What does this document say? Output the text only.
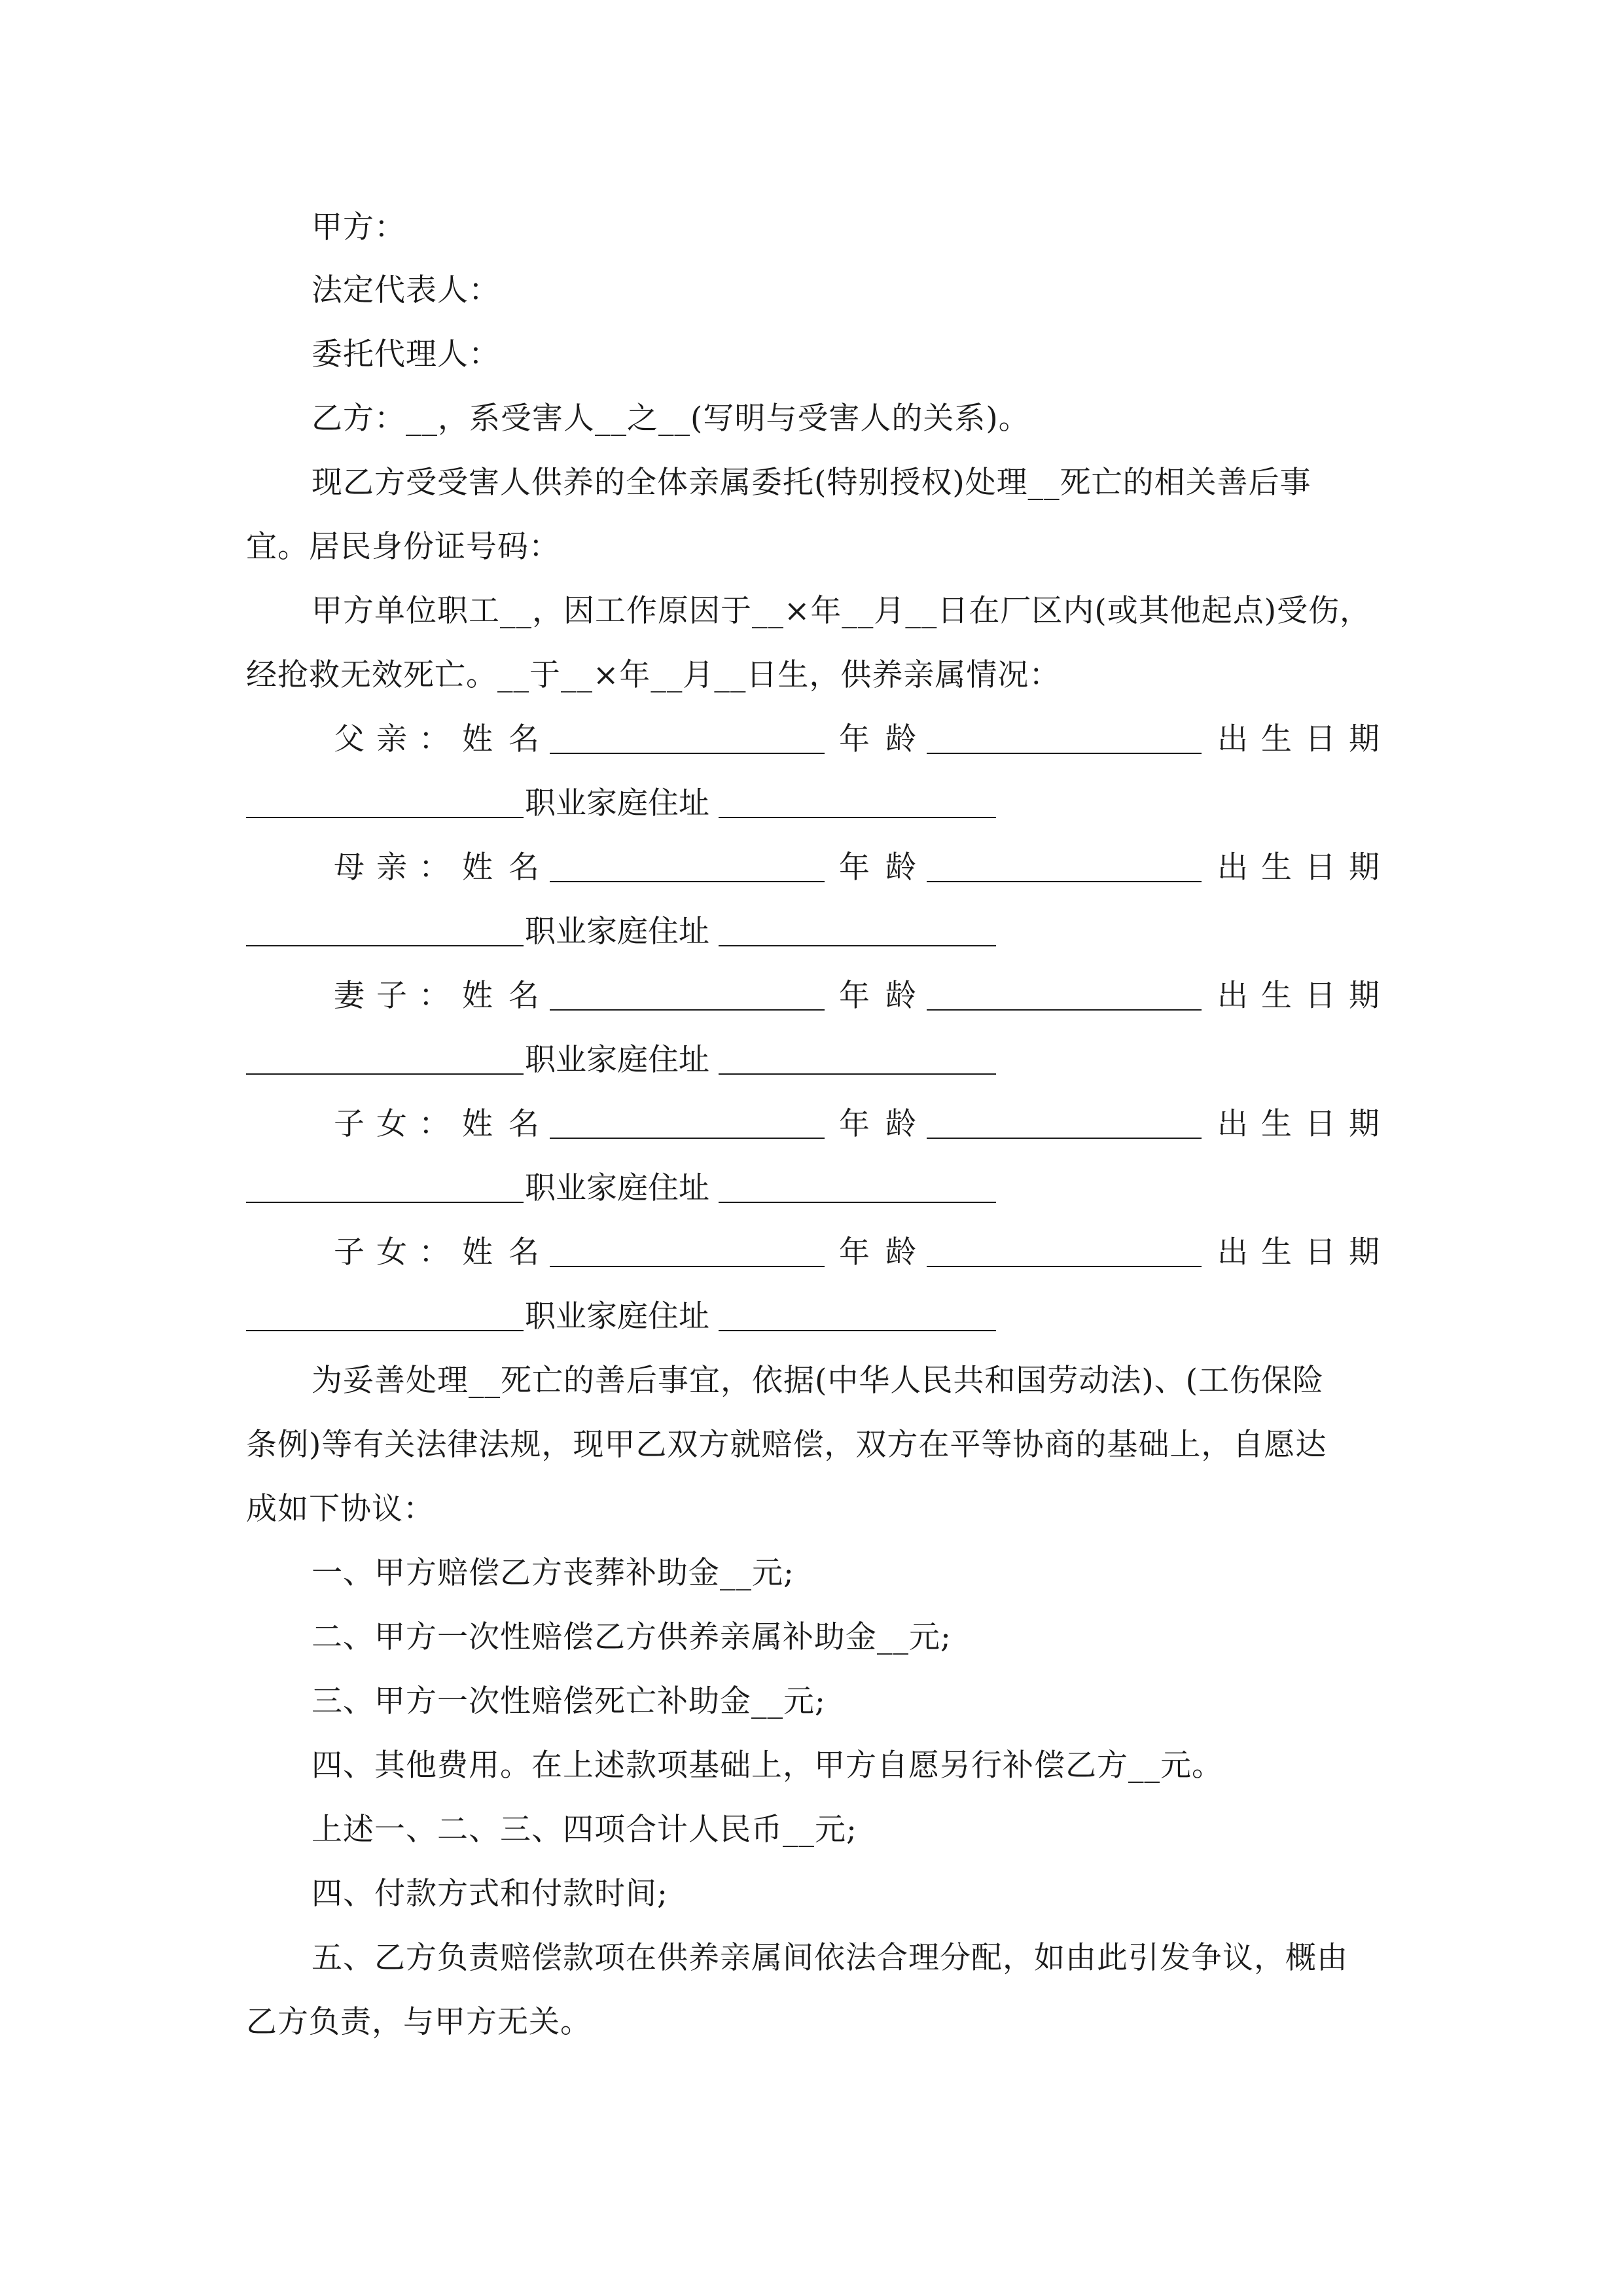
甲方：
法定代表人：
委托代理人：
乙方：__，系受害人__之__(写明与受害人的关系)。
现乙方受受害人供养的全体亲属委托(特别授权)处理__死亡的相关善后事
宜。居民身份证号码：
甲方单位职工__，因工作原因于__×年__月__日在厂区内(或其他起点)受伤，
经抢救无效死亡。__于__×年__月__日生，供养亲属情况：
父亲： 姓名	年龄	出生日期
职业家庭住址
母亲： 姓名	年龄	出生日期
职业家庭住址
妻子： 姓名	年龄	出生日期
职业家庭住址
子女： 姓名	年龄	出生日期
职业家庭住址
子女： 姓名	年龄	出生日期
职业家庭住址
为妥善处理__死亡的善后事宜，依据(中华人民共和国劳动法)、(工伤保险
条例)等有关法律法规，现甲乙双方就赔偿，双方在平等协商的基础上，自愿达
成如下协议：
一、甲方赔偿乙方丧葬补助金__元;
二、甲方一次性赔偿乙方供养亲属补助金__元;
三、甲方一次性赔偿死亡补助金__元;
四、其他费用。在上述款项基础上，甲方自愿另行补偿乙方__元。
上述一、二、三、四项合计人民币__元;
四、付款方式和付款时间;
五、乙方负责赔偿款项在供养亲属间依法合理分配，如由此引发争议，概由
乙方负责，与甲方无关。
